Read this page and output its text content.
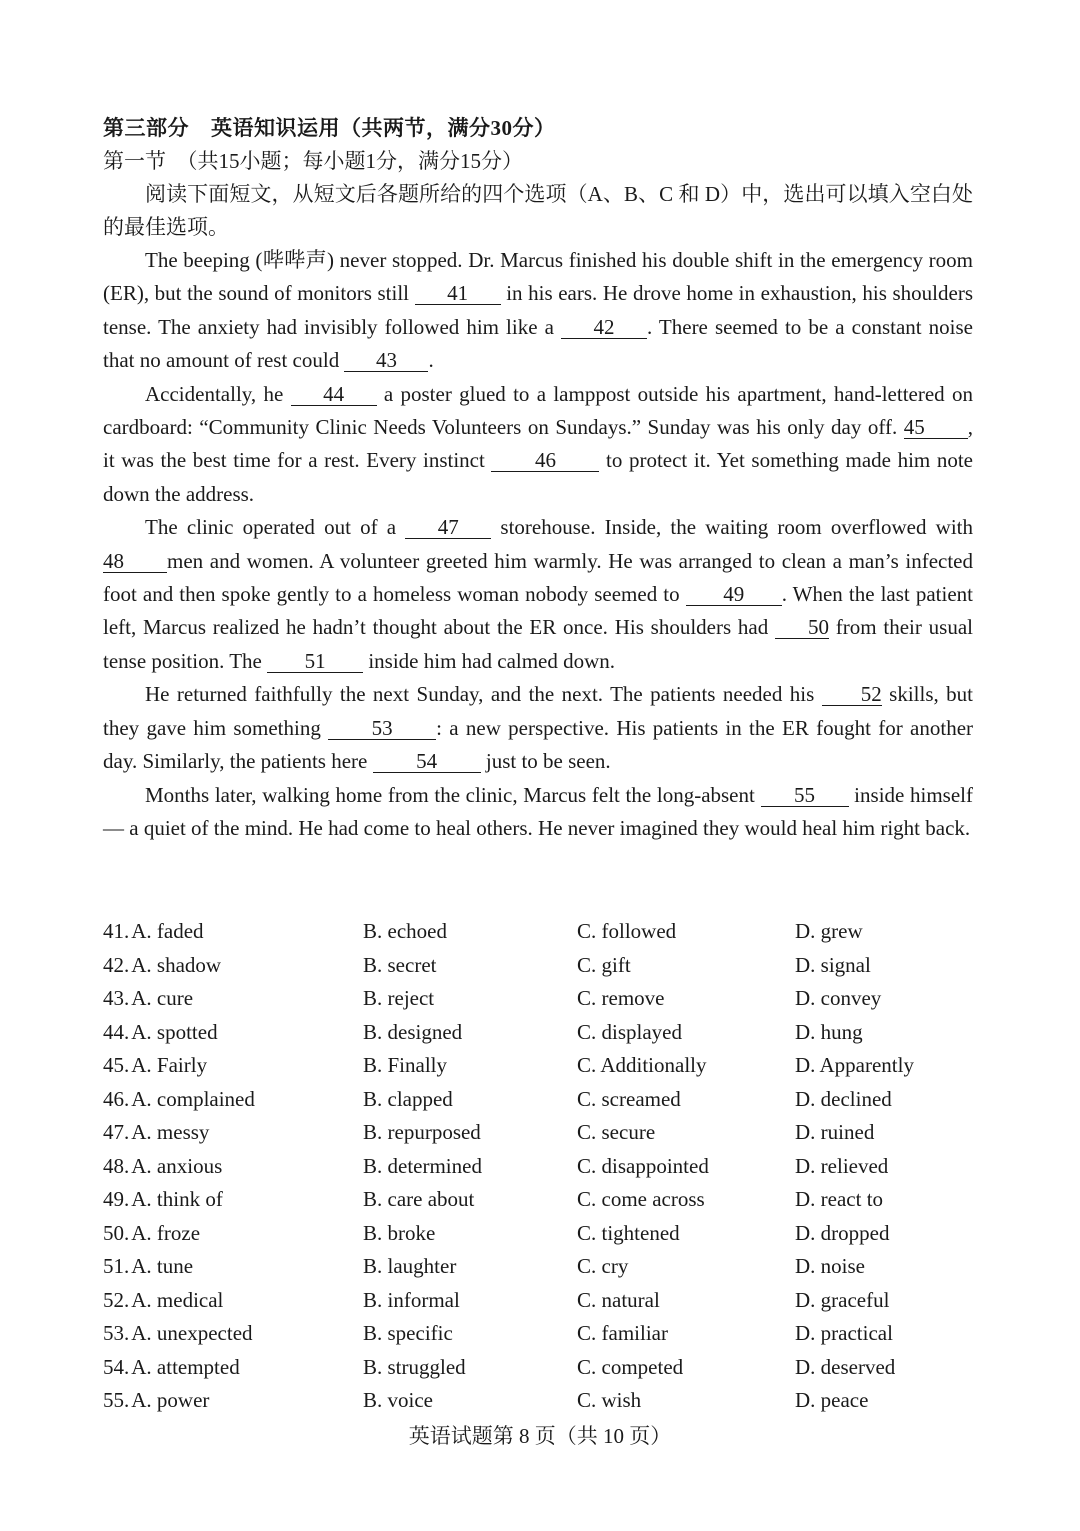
第三部分 英语知识运用（共两节，满分30分）
第一节　（共15小题；每小题1分，满分15分）

阅读下面短文，从短文后各题所给的四个选项（A、B、C 和 D）中，选出可以填入空白处的最佳选项。

The beeping (哔哔声) never stopped. Dr. Marcus finished his double shift in the emergency room (ER), but the sound of monitors still 41 in his ears. He drove home in exhaustion, his shoulders tense. The anxiety had invisibly followed him like a 42 . There seemed to be a constant noise that no amount of rest could 43 .

Accidentally, he 44 a poster glued to a lamppost outside his apartment, hand-lettered on cardboard: “Community Clinic Needs Volunteers on Sundays.” Sunday was his only day off. 45 , it was the best time for a rest. Every instinct 46 to protect it. Yet something made him note down the address.

The clinic operated out of a 47 storehouse. Inside, the waiting room overflowed with 48 men and women. A volunteer greeted him warmly. He was arranged to clean a man’s infected foot and then spoke gently to a homeless woman nobody seemed to 49 . When the last patient left, Marcus realized he hadn’t thought about the ER once. His shoulders had 50 from their usual tense position. The 51 inside him had calmed down.

He returned faithfully the next Sunday, and the next. The patients needed his 52 skills, but they gave him something 53 : a new perspective. His patients in the ER fought for another day. Similarly, the patients here 54 just to be seen.

Months later, walking home from the clinic, Marcus felt the long-absent 55 inside himself — a quiet of the mind. He had come to heal others. He never imagined they would heal him right back.

41.A. faded	B. echoed	C. followed	D. grew
42.A. shadow	B. secret	C. gift	D. signal
43.A. cure	B. reject	C. remove	D. convey
44.A. spotted	B. designed	C. displayed	D. hung
45.A. Fairly	B. Finally	C. Additionally	D. Apparently
46.A. complained	B. clapped	C. screamed	D. declined
47.A. messy	B. repurposed	C. secure	D. ruined
48.A. anxious	B. determined	C. disappointed	D. relieved
49.A. think of	B. care about	C. come across	D. react to
50.A. froze	B. broke	C. tightened	D. dropped
51.A. tune	B. laughter	C. cry	D. noise
52.A. medical	B. informal	C. natural	D. graceful
53.A. unexpected	B. specific	C. familiar	D. practical
54.A. attempted	B. struggled	C. competed	D. deserved
55.A. power	B. voice	C. wish	D. peace
英语试题第 8 页（共 10 页）
